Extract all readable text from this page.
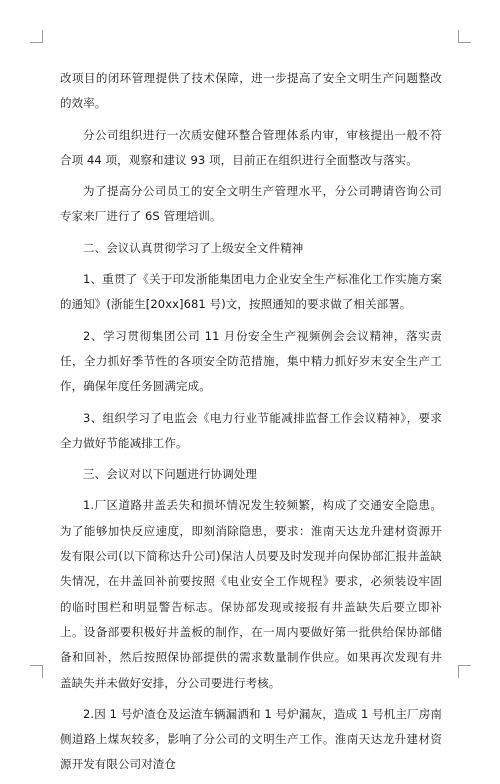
改项目的闭环管理提供了技术保障，进一步提高了安全文明生产问题整改的效率。

分公司组织进行一次质安健环整合管理体系内审，审核提出一般不符合项 44 项，观察和建议 93 项，目前正在组织进行全面整改与落实。

为了提高分公司员工的安全文明生产管理水平，分公司聘请咨询公司专家来厂进行了 6S 管理培训。

二、会议认真贯彻学习了上级安全文件精神

1、重贯了《关于印发浙能集团电力企业安全生产标准化工作实施方案的通知》(浙能生[20xx]681 号)文，按照通知的要求做了相关部署。

2、学习贯彻集团公司 11 月份安全生产视频例会会议精神，落实责任，全力抓好季节性的各项安全防范措施，集中精力抓好岁末安全生产工作，确保年度任务圆满完成。

3、组织学习了电监会《电力行业节能减排监督工作会议精神》，要求全力做好节能减排工作。

三、会议对以下问题进行协调处理

1.厂区道路井盖丢失和损坏情况发生较频繁，构成了交通安全隐患。为了能够加快反应速度，即刻消除隐患，要求：淮南天达龙升建材资源开发有限公司(以下简称达升公司)保洁人员要及时发现并向保协部汇报井盖缺失情况，在井盖回补前要按照《电业安全工作规程》要求，必须装设牢固的临时围栏和明显警告标志。保协部发现或接报有井盖缺失后要立即补上。设备部要积极好井盖板的制作，在一周内要做好第一批供给保协部储备和回补，然后按照保协部提供的需求数量制作供应。如果再次发现有井盖缺失并未做好安排，分公司要进行考核。

2.因 1 号炉渣仓及运渣车辆漏洒和 1 号炉漏灰，造成 1 号机主厂房南侧道路上煤灰较多，影响了分公司的文明生产工作。淮南天达龙升建材资源开发有限公司对渣仓
